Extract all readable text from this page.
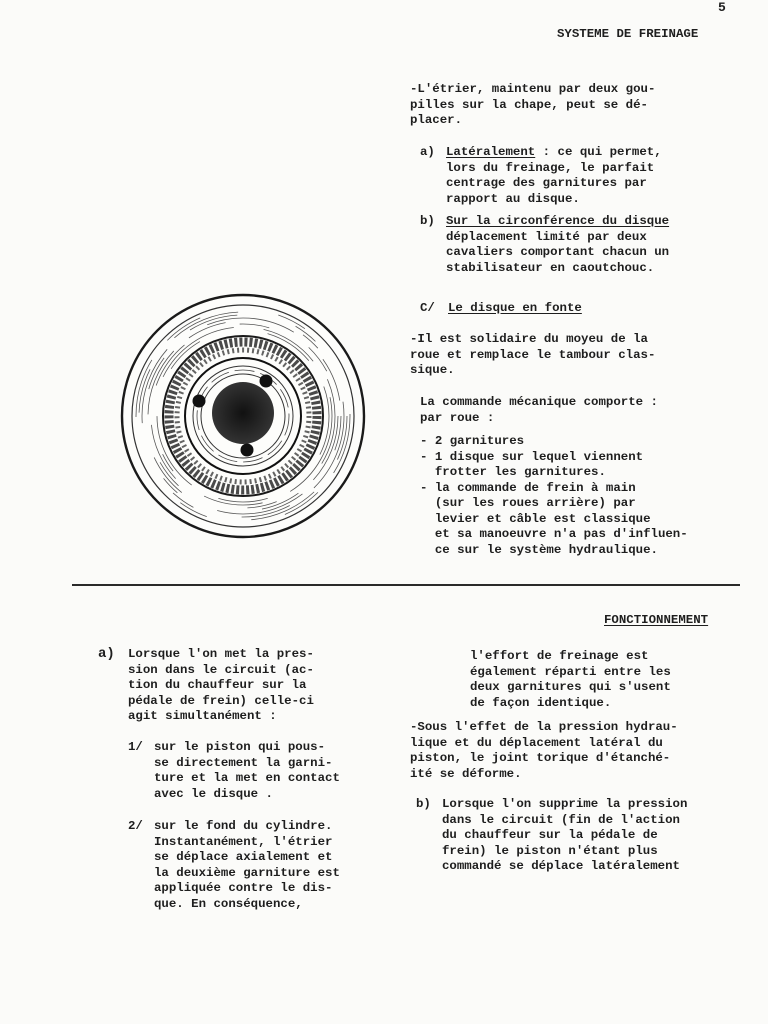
5
SYSTEME DE FREINAGE
-L'étrier, maintenu par deux gou-
pilles sur la chape, peut se dé-
placer.
a) Latéralement : ce qui permet,
lors du freinage, le parfait
centrage des garnitures par
rapport au disque.
b) Sur la circonférence du disque
déplacement limité par deux
cavaliers comportant chacun un
stabilisateur en caoutchouc.
C/ Le disque en fonte
-Il est solidaire du moyeu de la
roue et remplace le tambour clas-
sique.
La commande mécanique comporte :
par roue :
- 2 garnitures
- 1 disque sur lequel viennent
frotter les garnitures.
- la commande de frein à main
(sur les roues arrière) par
levier et câble est classique
et sa manoeuvre n'a pas d'influen-
ce sur le système hydraulique.
FONCTIONNEMENT
a) Lorsque l'on met la pres-
sion dans le circuit (ac-
tion du chauffeur sur la
pédale de frein) celle-ci
agit simultanément :
1/ sur le piston qui pous-
se directement la garni-
ture et la met en contact
avec le disque .
2/ sur le fond du cylindre.
Instantanément, l'étrier
se déplace axialement et
la deuxième garniture est
appliquée contre le dis-
que. En conséquence,
l'effort de freinage est
également réparti entre les
deux garnitures qui s'usent
de façon identique.
-Sous l'effet de la pression hydrau-
lique et du déplacement latéral du
piston, le joint torique d'étanché-
ité se déforme.
b) Lorsque l'on supprime la pression
dans le circuit (fin de l'action
du chauffeur sur la pédale de
frein) le piston n'étant plus
commandé se déplace latéralement
